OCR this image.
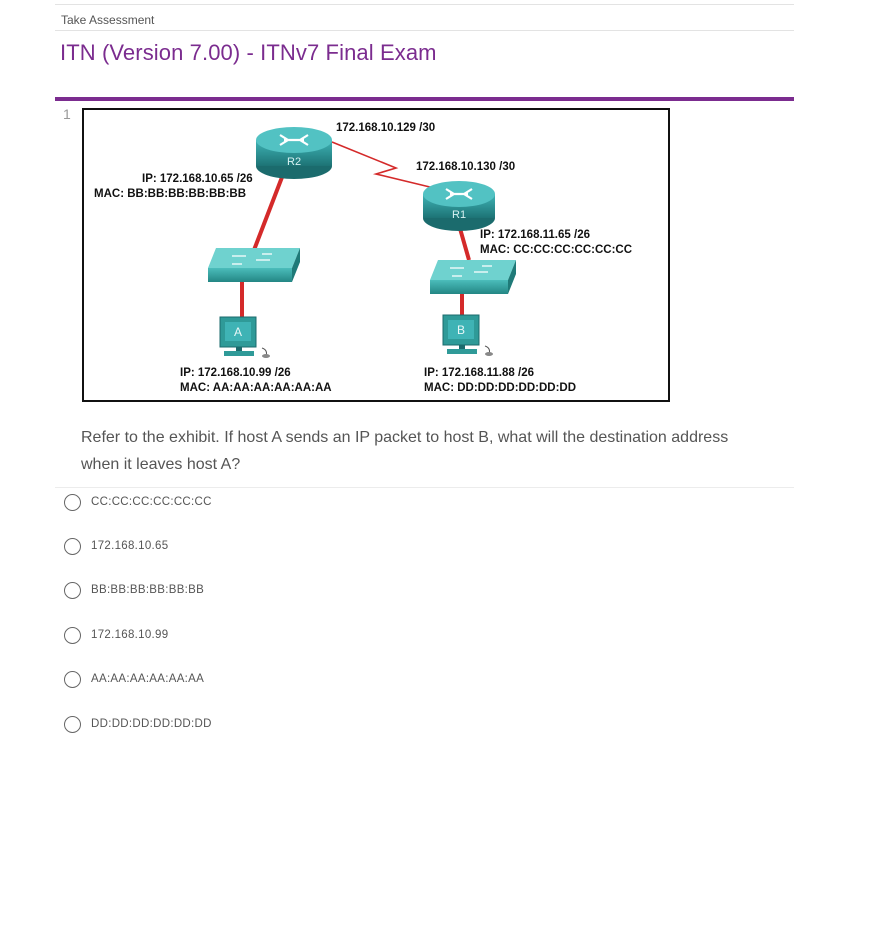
Take Assessment
ITN (Version 7.00) - ITNv7 Final Exam
1
R2
R1
A	B
172.168.10.129 /30
172.168.10.130 /30
IP: 172.168.10.65 /26
MAC: BB:BB:BB:BB:BB:BB
IP: 172.168.11.65 /26
MAC: CC:CC:CC:CC:CC:CC
IP: 172.168.10.99 /26
MAC: AA:AA:AA:AA:AA:AA
IP: 172.168.11.88 /26
MAC: DD:DD:DD:DD:DD:DD
Refer to the exhibit. If host A sends an IP packet to host B, what will the destination address
when it leaves host A?
CC:CC:CC:CC:CC:CC
172.168.10.65
BB:BB:BB:BB:BB:BB
172.168.10.99
AA:AA:AA:AA:AA:AA
DD:DD:DD:DD:DD:DD
